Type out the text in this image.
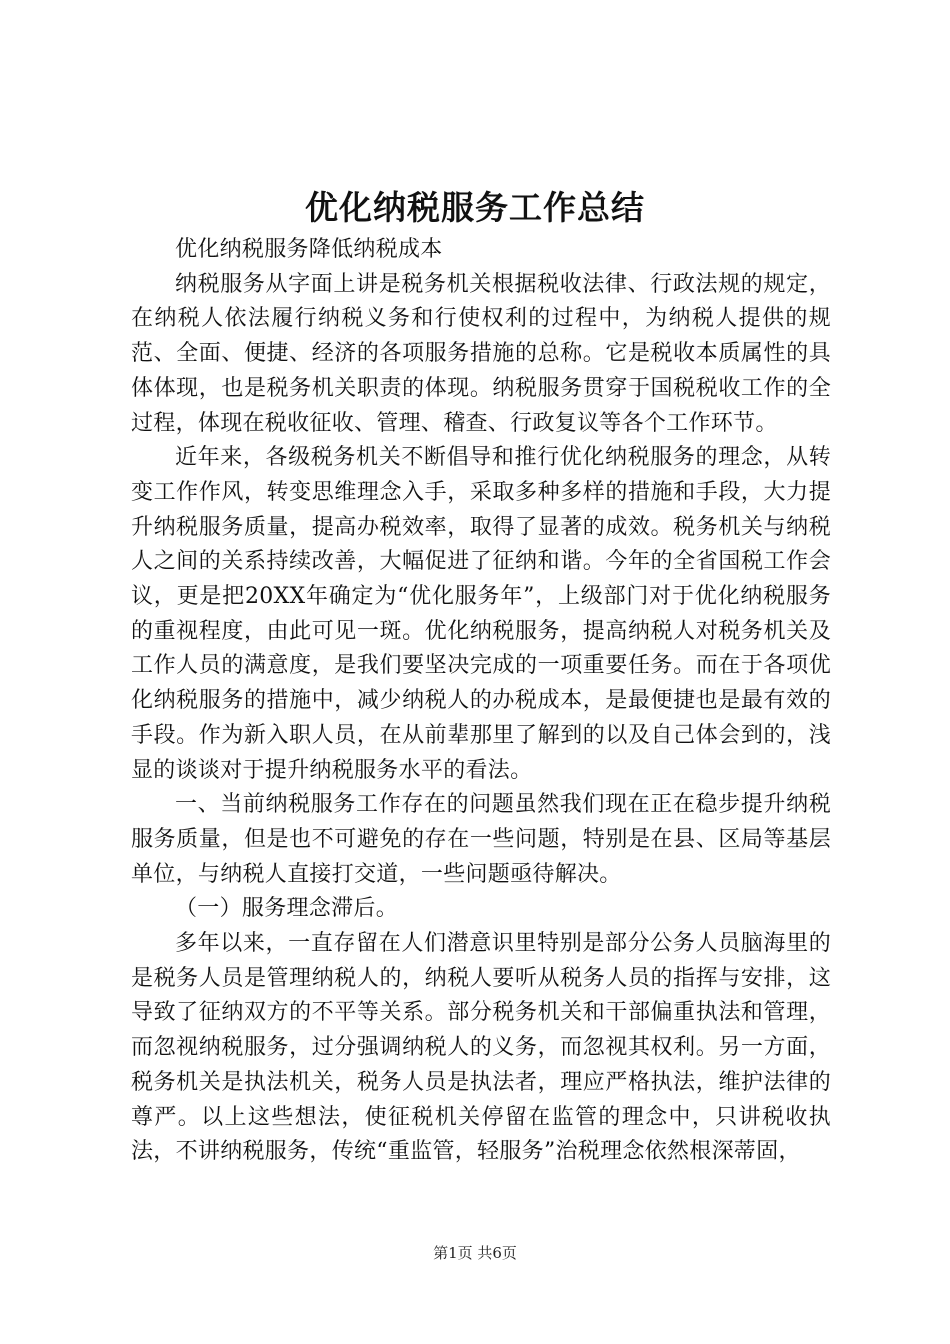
优化纳税服务工作总结

优化纳税服务降低纳税成本

纳税服务从字面上讲是税务机关根据税收法律、行政法规的规定，在纳税人依法履行纳税义务和行使权利的过程中，为纳税人提供的规范、全面、便捷、经济的各项服务措施的总称。它是税收本质属性的具体体现，也是税务机关职责的体现。纳税服务贯穿于国税税收工作的全过程，体现在税收征收、管理、稽查、行政复议等各个工作环节。

近年来，各级税务机关不断倡导和推行优化纳税服务的理念，从转变工作作风，转变思维理念入手，采取多种多样的措施和手段，大力提升纳税服务质量，提高办税效率，取得了显著的成效。税务机关与纳税人之间的关系持续改善，大幅促进了征纳和谐。今年的全省国税工作会议，更是把20XX年确定为“优化服务年”，上级部门对于优化纳税服务的重视程度，由此可见一斑。优化纳税服务，提高纳税人对税务机关及工作人员的满意度，是我们要坚决完成的一项重要任务。而在于各项优化纳税服务的措施中，减少纳税人的办税成本，是最便捷也是最有效的手段。作为新入职人员，在从前辈那里了解到的以及自己体会到的，浅显的谈谈对于提升纳税服务水平的看法。

一、当前纳税服务工作存在的问题虽然我们现在正在稳步提升纳税服务质量，但是也不可避免的存在一些问题，特别是在县、区局等基层单位，与纳税人直接打交道，一些问题亟待解决。

（一）服务理念滞后。

多年以来，一直存留在人们潜意识里特别是部分公务人员脑海里的是税务人员是管理纳税人的，纳税人要听从税务人员的指挥与安排，这导致了征纳双方的不平等关系。部分税务机关和干部偏重执法和管理，而忽视纳税服务，过分强调纳税人的义务，而忽视其权利。另一方面，税务机关是执法机关，税务人员是执法者，理应严格执法，维护法律的尊严。以上这些想法，使征税机关停留在监管的理念中，只讲税收执法，不讲纳税服务，传统“重监管，轻服务”治税理念依然根深蒂固，

第1页 共6页
